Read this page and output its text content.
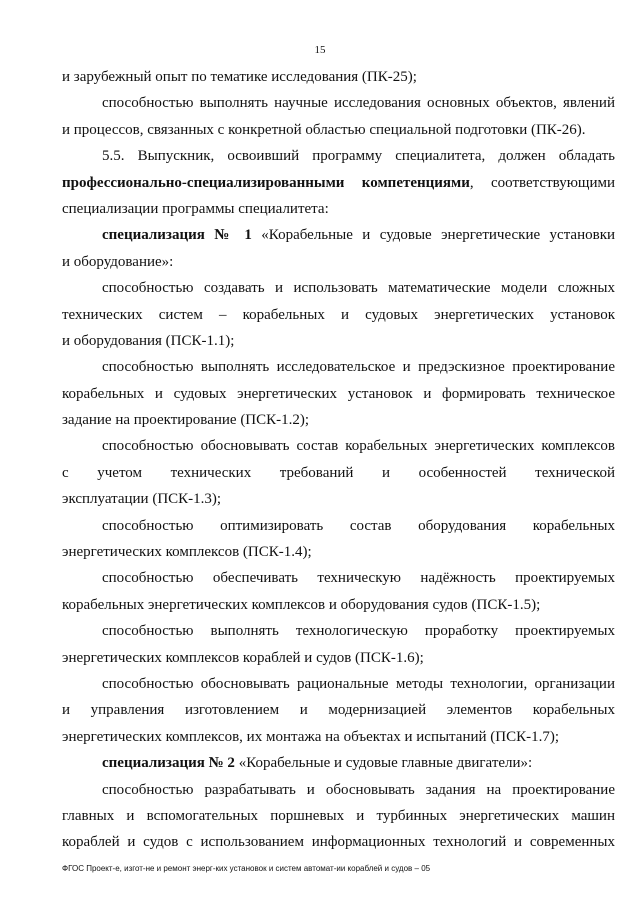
15
и зарубежный опыт по тематике исследования (ПК-25);
способностью выполнять научные исследования основных объектов, явлений
и процессов, связанных с конкретной областью специальной подготовки (ПК-26).
5.5. Выпускник, освоивший программу специалитета, должен обладать
профессионально-специализированными компетенциями, соответствующими
специализации программы специалитета:
специализация № 1 «Корабельные и судовые энергетические установки
и оборудование»:
способностью создавать и использовать математические модели сложных
технических систем – корабельных и судовых энергетических установок
и оборудования (ПСК-1.1);
способностью выполнять исследовательское и предэскизное проектирование
корабельных и судовых энергетических установок и формировать техническое
задание на проектирование (ПСК-1.2);
способностью обосновывать состав корабельных энергетических комплексов
с учетом технических требований и особенностей технической
эксплуатации (ПСК-1.3);
способностью оптимизировать состав оборудования корабельных
энергетических комплексов (ПСК-1.4);
способностью обеспечивать техническую надёжность проектируемых
корабельных энергетических комплексов и оборудования судов (ПСК-1.5);
способностью выполнять технологическую проработку проектируемых
энергетических комплексов кораблей и судов (ПСК-1.6);
способностью обосновывать рациональные методы технологии, организации
и управления изготовлением и модернизацией элементов корабельных
энергетических комплексов, их монтажа на объектах и испытаний (ПСК-1.7);
специализация № 2 «Корабельные и судовые главные двигатели»:
способностью разрабатывать и обосновывать задания на проектирование
главных и вспомогательных поршневых и турбинных энергетических машин
кораблей и судов с использованием информационных технологий и современных
ФГОС Проект-е, изгот-не и ремонт энерг-ких установок и систем автомат-ии кораблей и судов – 05
